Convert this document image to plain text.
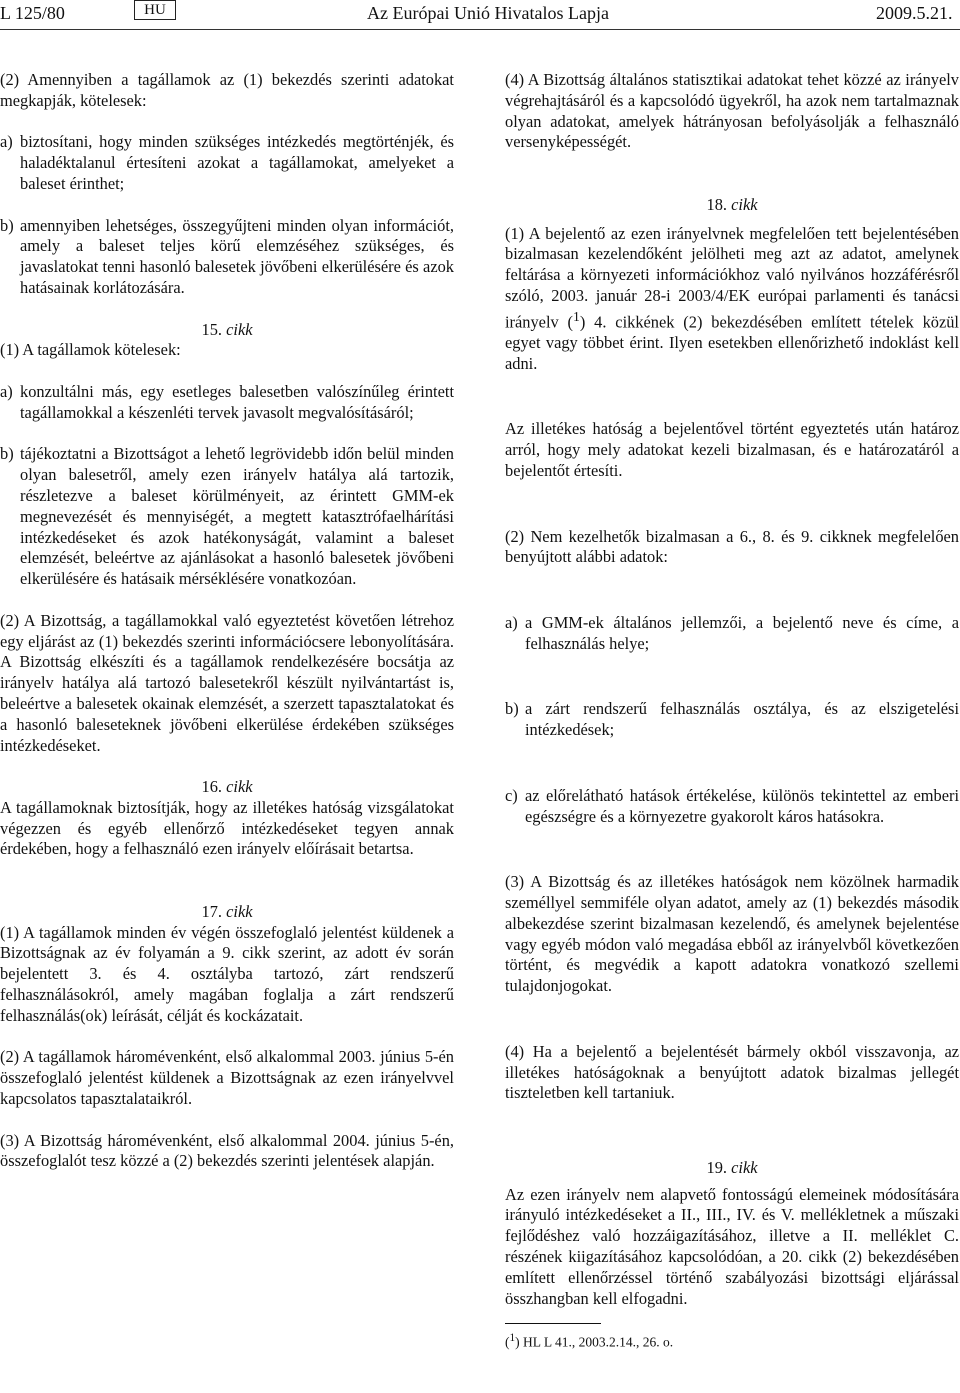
L 125/80	HU	Az Európai Unió Hivatalos Lapja	2009.5.21.

(2) Amennyiben a tagállamok az (1) bekezdés szerinti adatokat megkapják, kötelesek:

a) biztosítani, hogy minden szükséges intézkedés megtörténjék, és haladéktalanul értesíteni azokat a tagállamokat, amelyeket a baleset érinthet;
b) amennyiben lehetséges, összegyűjteni minden olyan információt, amely a baleset teljes körű elemzéséhez szükséges, és javaslatokat tenni hasonló balesetek jövőbeni elkerülésére és azok hatásainak korlátozására.

15. cikk

(1) A tagállamok kötelesek:

a) konzultálni más, egy esetleges balesetben valószínűleg érintett tagállamokkal a készenléti tervek javasolt megvalósításáról;
b) tájékoztatni a Bizottságot a lehető legrövidebb időn belül minden olyan balesetről, amely ezen irányelv hatálya alá tartozik, részletezve a baleset körülményeit, az érintett GMM-ek megnevezését és mennyiségét, a megtett katasztrófaelhárítási intézkedéseket és azok hatékonyságát, valamint a baleset elemzését, beleértve az ajánlásokat a hasonló balesetek jövőbeni elkerülésére és hatásaik mérséklésére vonatkozóan.

(2) A Bizottság, a tagállamokkal való egyeztetést követően létrehoz egy eljárást az (1) bekezdés szerinti információcsere lebonyolítására. A Bizottság elkészíti és a tagállamok rendelkezésére bocsátja az irányelv hatálya alá tartozó balesetekről készült nyilvántartást is, beleértve a balesetek okainak elemzését, a szerzett tapasztalatokat és a hasonló baleseteknek jövőbeni elkerülése érdekében szükséges intézkedéseket.

16. cikk

A tagállamoknak biztosítják, hogy az illetékes hatóság vizsgálatokat végezzen és egyéb ellenőrző intézkedéseket tegyen annak érdekében, hogy a felhasználó ezen irányelv előírásait betartsa.

17. cikk

(1) A tagállamok minden év végén összefoglaló jelentést küldenek a Bizottságnak az év folyamán a 9. cikk szerint, az adott év során bejelentett 3. és 4. osztályba tartozó, zárt rendszerű felhasználásokról, amely magában foglalja a zárt rendszerű felhasználás(ok) leírását, célját és kockázatait.

(2) A tagállamok háromévenként, első alkalommal 2003. június 5-én összefoglaló jelentést küldenek a Bizottságnak az ezen irányelvvel kapcsolatos tapasztalataikról.

(3) A Bizottság háromévenként, első alkalommal 2004. június 5-én, összefoglalót tesz közzé a (2) bekezdés szerinti jelentések alapján.

(4) A Bizottság általános statisztikai adatokat tehet közzé az irányelv végrehajtásáról és a kapcsolódó ügyekről, ha azok nem tartalmaznak olyan adatokat, amelyek hátrányosan befolyásolják a felhasználó versenyképességét.

18. cikk

(1) A bejelentő az ezen irányelvnek megfelelően tett bejelentésében bizalmasan kezelendőként jelölheti meg azt az adatot, amelynek feltárása a környezeti információkhoz való nyilvános hozzáférésről szóló, 2003. január 28-i 2003/4/EK európai parlamenti és tanácsi irányelv ($^1$) 4. cikkének (2) bekezdésében említett tételek közül egyet vagy többet érint. Ilyen esetekben ellenőrizhető indoklást kell adni.

Az illetékes hatóság a bejelentővel történt egyeztetés után határoz arról, hogy mely adatokat kezeli bizalmasan, és e határozatáról a bejelentőt értesíti.

(2) Nem kezelhetők bizalmasan a 6., 8. és 9. cikknek megfelelően benyújtott alábbi adatok:

a) a GMM-ek általános jellemzői, a bejelentő neve és címe, a felhasználás helye;
b) a zárt rendszerű felhasználás osztálya, és az elszigetelési intézkedések;
c) az előrelátható hatások értékelése, különös tekintettel az emberi egészségre és a környezetre gyakorolt káros hatásokra.

(3) A Bizottság és az illetékes hatóságok nem közölnek harmadik személlyel semmiféle olyan adatot, amely az (1) bekezdés második albekezdése szerint bizalmasan kezelendő, és amelynek bejelentése vagy egyéb módon való megadása ebből az irányelvből következően történt, és megvédik a kapott adatokra vonatkozó szellemi tulajdonjogokat.

(4) Ha a bejelentő a bejelentését bármely okból visszavonja, az illetékes hatóságoknak a benyújtott adatok bizalmas jellegét tiszteletben kell tartaniuk.

19. cikk

Az ezen irányelv nem alapvető fontosságú elemeinek módosítására irányuló intézkedéseket a II., III., IV. és V. mellékletnek a műszaki fejlődéshez való hozzáigazításához, illetve a II. melléklet C. részének kiigazításához kapcsolódóan, a 20. cikk (2) bekezdésében említett ellenőrzéssel történő szabályozási bizottsági eljárással összhangban kell elfogadni.

($^1$) HL L 41., 2003.2.14., 26. o.
